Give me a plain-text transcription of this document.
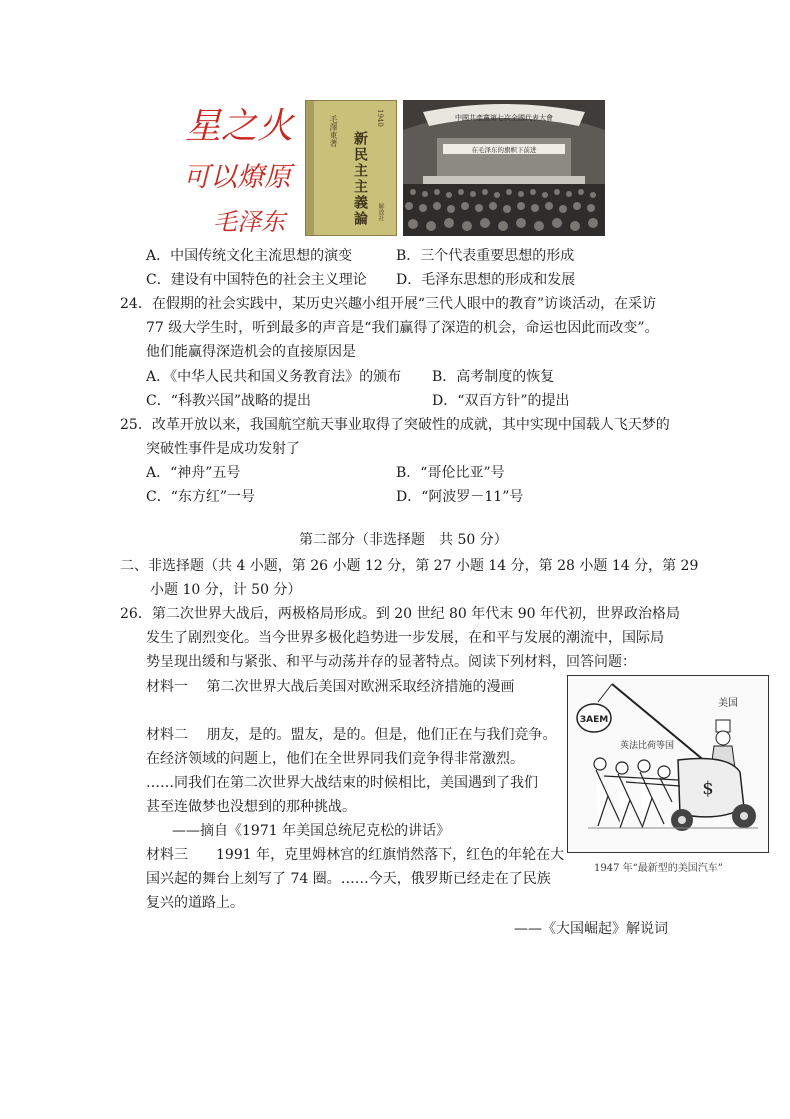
星之火
可以燎原
毛泽东
毛澤東著 新民主主義論
1940
解放社
中國共產黨第七次全國代表大會
在毛泽东的旗帜下前进
A．中国传统文化主流思想的演变	B．三个代表重要思想的形成
C．建设有中国特色的社会主义理论 D．毛泽东思想的形成和发展
24．在假期的社会实践中，某历史兴趣小组开展“三代人眼中的教育”访谈活动，在采访
77 级大学生时，听到最多的声音是“我们赢得了深造的机会，命运也因此而改变”。
他们能赢得深造机会的直接原因是
A．《中华人民共和国义务教育法》的颁布 B．高考制度的恢复
C．“科教兴国”战略的提出	D．“双百方针”的提出
25．改革开放以来，我国航空航天事业取得了突破性的成就，其中实现中国载人飞天梦的
突破性事件是成功发射了
A．“神舟”五号	B．“哥伦比亚”号
C．“东方红”一号	D．“阿波罗－11”号
第二部分（非选择题　共 50 分）
二、非选择题（共 4 小题，第 26 小题 12 分，第 27 小题 14 分，第 28 小题 14 分，第 29
小题 10 分，计 50 分）
26．第二次世界大战后，两极格局形成。到 20 世纪 80 年代末 90 年代初，世界政治格局
发生了剧烈变化。当今世界多极化趋势进一步发展，在和平与发展的潮流中，国际局
势呈现出缓和与紧张、和平与动荡并存的显著特点。阅读下列材料，回答问题：
材料一　 第二次世界大战后美国对欧洲采取经济措施的漫画
材料二　 朋友，是的。盟友，是的。但是，他们正在与我们竞争。
在经济领域的问题上，他们在全世界同我们竞争得非常激烈。
……同我们在第二次世界大战结束的时候相比，美国遇到了我们
甚至连做梦也没想到的那种挑战。
——摘自《1971 年美国总统尼克松的讲话》
材料三　　1991 年，克里姆林宫的红旗悄然落下，红色的年轮在大
国兴起的舞台上刻写了 74 圈。……今天，俄罗斯已经走在了民族
复兴的道路上。
——《大国崛起》解说词
ЗАЕМ
美国
英法比荷等国
$
1947 年“最新型的美国汽车”
